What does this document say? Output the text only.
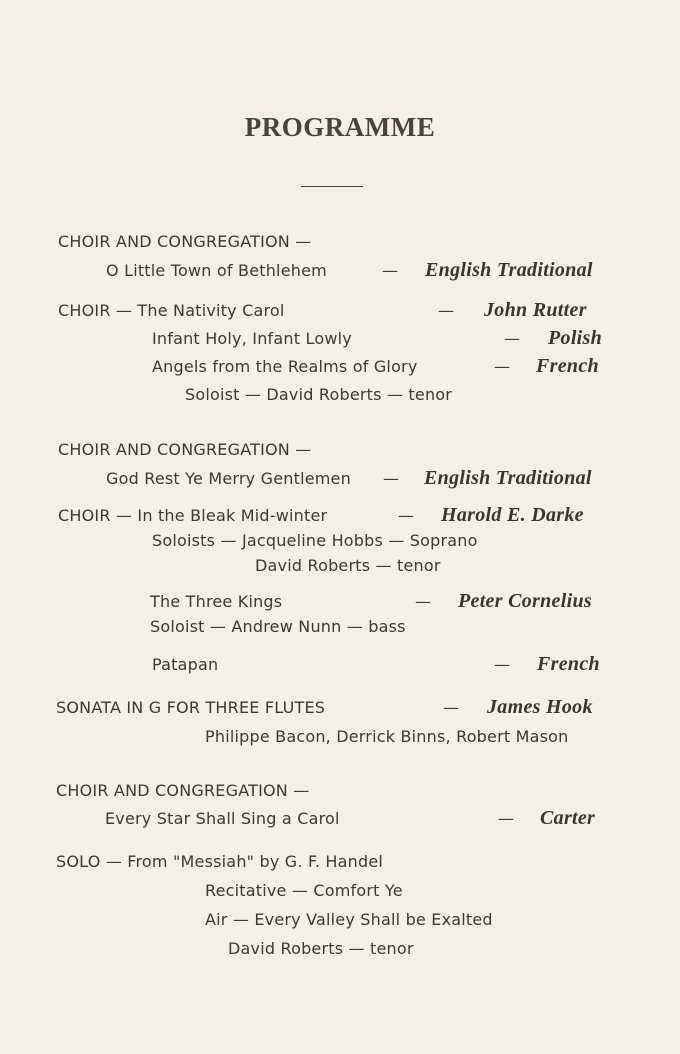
PROGRAMME
CHOIR AND CONGREGATION —
O Little Town of Bethlehem	— English Traditional
CHOIR — The Nativity Carol	— John Rutter
Infant Holy, Infant Lowly	— Polish
Angels from the Realms of Glory	— French
Soloist — David Roberts — tenor
CHOIR AND CONGREGATION —
God Rest Ye Merry Gentlemen — English Traditional
CHOIR — In the Bleak Mid-winter	— Harold E. Darke
Soloists — Jacqueline Hobbs — Soprano
David Roberts — tenor
The Three Kings	— Peter Cornelius
Soloist — Andrew Nunn — bass
Patapan	— French
SONATA IN G FOR THREE FLUTES	— James Hook
Philippe Bacon, Derrick Binns, Robert Mason
CHOIR AND CONGREGATION —
Every Star Shall Sing a Carol	— Carter
SOLO — From "Messiah" by G. F. Handel
Recitative — Comfort Ye
Air — Every Valley Shall be Exalted
David Roberts — tenor
